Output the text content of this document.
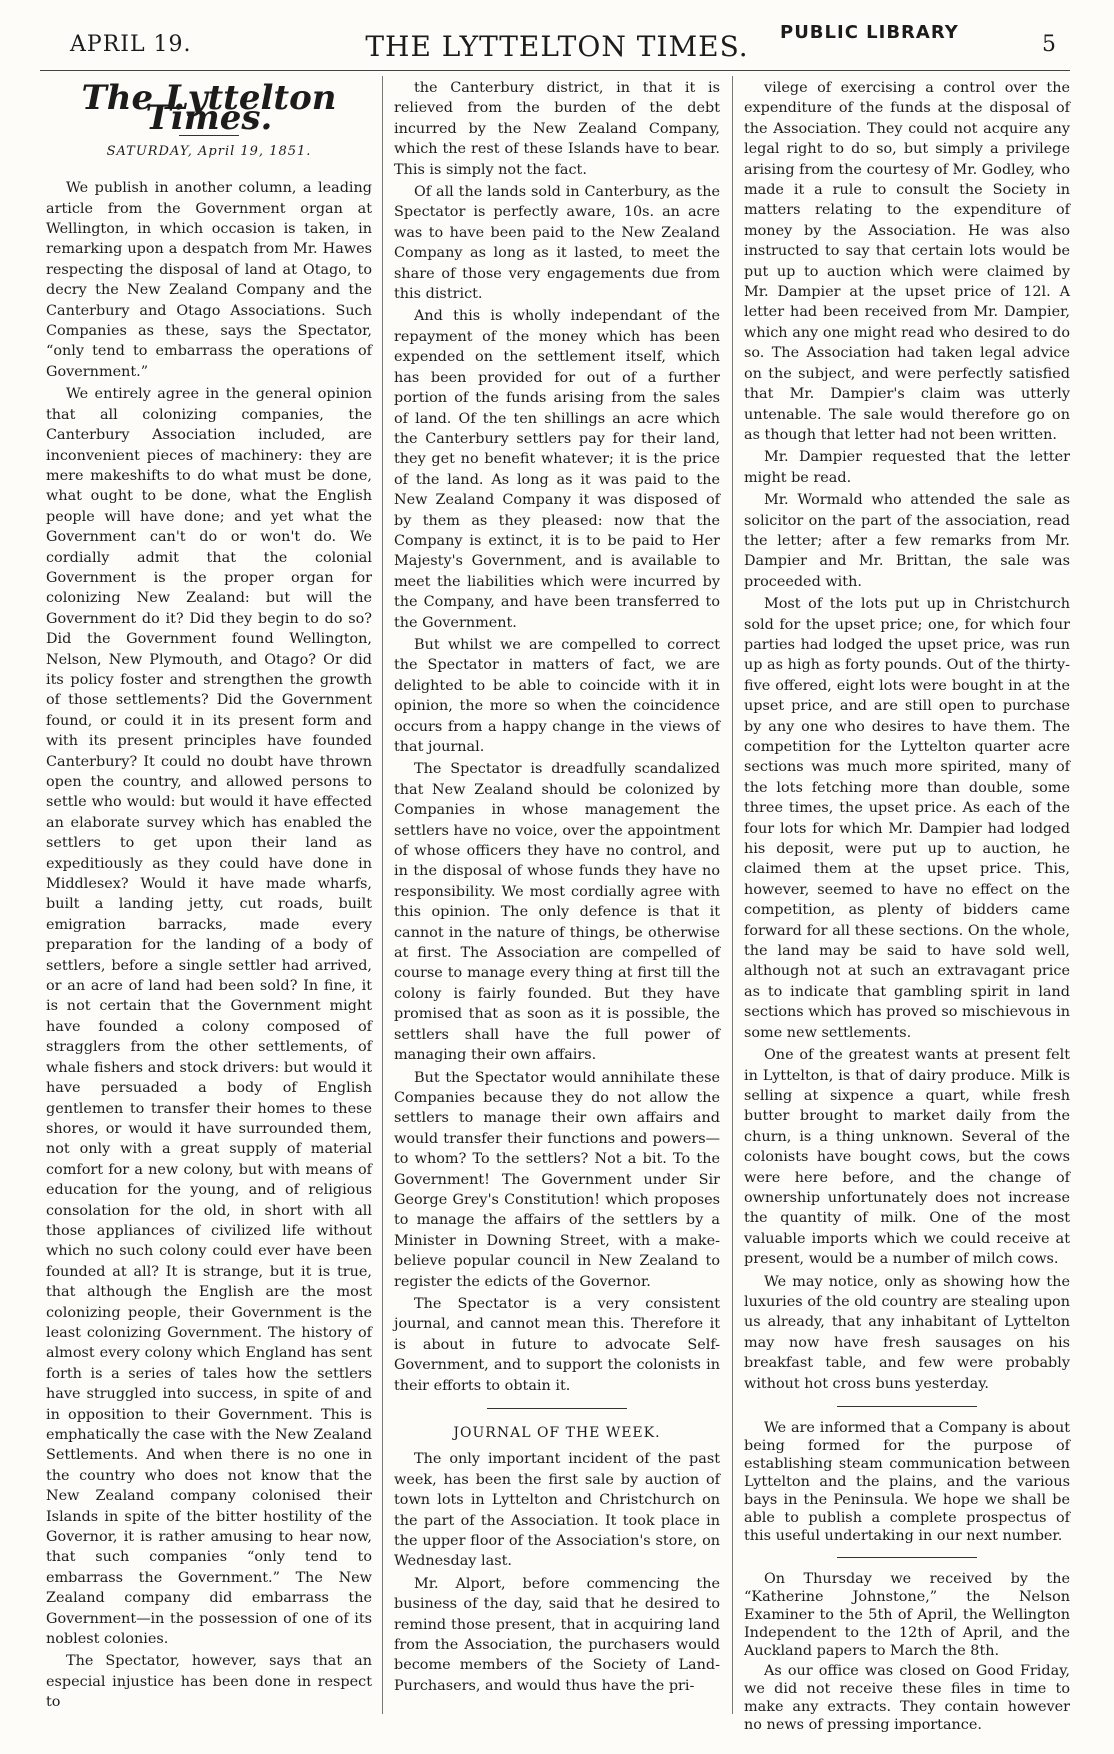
APRIL 19.	THE LYTTELTON TIMES.	PUBLIC LIBRARY	5
The Lyttelton Times.
SATURDAY, April 19, 1851.

We publish in another column, a leading article from the Government organ at Wellington, in which occasion is taken, in remarking upon a despatch from Mr. Hawes respecting the disposal of land at Otago, to decry the New Zealand Company and the Canterbury and Otago Associations. Such Companies as these, says the Spectator, “only tend to embarrass the operations of Government.”

We entirely agree in the general opinion that all colonizing companies, the Canterbury Association included, are inconvenient pieces of machinery: they are mere makeshifts to do what must be done, what ought to be done, what the English people will have done; and yet what the Government can't do or won't do. We cordially admit that the colonial Government is the proper organ for colonizing New Zealand: but will the Government do it? Did they begin to do so? Did the Government found Wellington, Nelson, New Plymouth, and Otago? Or did its policy foster and strengthen the growth of those settlements? Did the Government found, or could it in its present form and with its present principles have founded Canterbury? It could no doubt have thrown open the country, and allowed persons to settle who would: but would it have effected an elaborate survey which has enabled the settlers to get upon their land as expeditiously as they could have done in Middlesex? Would it have made wharfs, built a landing jetty, cut roads, built emigration barracks, made every preparation for the landing of a body of settlers, before a single settler had arrived, or an acre of land had been sold? In fine, it is not certain that the Government might have founded a colony composed of stragglers from the other settlements, of whale fishers and stock drivers: but would it have persuaded a body of English gentlemen to transfer their homes to these shores, or would it have surrounded them, not only with a great supply of material comfort for a new colony, but with means of education for the young, and of religious consolation for the old, in short with all those appliances of civilized life without which no such colony could ever have been founded at all? It is strange, but it is true, that although the English are the most colonizing people, their Government is the least colonizing Government. The history of almost every colony which England has sent forth is a series of tales how the settlers have struggled into success, in spite of and in opposition to their Government. This is emphatically the case with the New Zealand Settlements. And when there is no one in the country who does not know that the New Zealand company colonised their Islands in spite of the bitter hostility of the Governor, it is rather amusing to hear now, that such companies “only tend to embarrass the Government.” The New Zealand company did embarrass the Government—in the possession of one of its noblest colonies.

The Spectator, however, says that an especial injustice has been done in respect to

the Canterbury district, in that it is relieved from the burden of the debt incurred by the New Zealand Company, which the rest of these Islands have to bear. This is simply not the fact.

Of all the lands sold in Canterbury, as the Spectator is perfectly aware, 10s. an acre was to have been paid to the New Zealand Company as long as it lasted, to meet the share of those very engagements due from this district.

And this is wholly independant of the repayment of the money which has been expended on the settlement itself, which has been provided for out of a further portion of the funds arising from the sales of land. Of the ten shillings an acre which the Canterbury settlers pay for their land, they get no benefit whatever; it is the price of the land. As long as it was paid to the New Zealand Company it was disposed of by them as they pleased: now that the Company is extinct, it is to be paid to Her Majesty's Government, and is available to meet the liabilities which were incurred by the Company, and have been transferred to the Government.

But whilst we are compelled to correct the Spectator in matters of fact, we are delighted to be able to coincide with it in opinion, the more so when the coincidence occurs from a happy change in the views of that journal.

The Spectator is dreadfully scandalized that New Zealand should be colonized by Companies in whose management the settlers have no voice, over the appointment of whose officers they have no control, and in the disposal of whose funds they have no responsibility. We most cordially agree with this opinion. The only defence is that it cannot in the nature of things, be otherwise at first. The Association are compelled of course to manage every thing at first till the colony is fairly founded. But they have promised that as soon as it is possible, the settlers shall have the full power of managing their own affairs.

But the Spectator would annihilate these Companies because they do not allow the settlers to manage their own affairs and would transfer their functions and powers—to whom? To the settlers? Not a bit. To the Government! The Government under Sir George Grey's Constitution! which proposes to manage the affairs of the settlers by a Minister in Downing Street, with a make-believe popular council in New Zealand to register the edicts of the Governor.

The Spectator is a very consistent journal, and cannot mean this. Therefore it is about in future to advocate Self-Government, and to support the colonists in their efforts to obtain it.

JOURNAL OF THE WEEK.

The only important incident of the past week, has been the first sale by auction of town lots in Lyttelton and Christchurch on the part of the Association. It took place in the upper floor of the Association's store, on Wednesday last.

Mr. Alport, before commencing the business of the day, said that he desired to remind those present, that in acquiring land from the Association, the purchasers would become members of the Society of Land-Purchasers, and would thus have the pri-

vilege of exercising a control over the expenditure of the funds at the disposal of the Association. They could not acquire any legal right to do so, but simply a privilege arising from the courtesy of Mr. Godley, who made it a rule to consult the Society in matters relating to the expenditure of money by the Association. He was also instructed to say that certain lots would be put up to auction which were claimed by Mr. Dampier at the upset price of 12l. A letter had been received from Mr. Dampier, which any one might read who desired to do so. The Association had taken legal advice on the subject, and were perfectly satisfied that Mr. Dampier's claim was utterly untenable. The sale would therefore go on as though that letter had not been written.

Mr. Dampier requested that the letter might be read.

Mr. Wormald who attended the sale as solicitor on the part of the association, read the letter; after a few remarks from Mr. Dampier and Mr. Brittan, the sale was proceeded with.

Most of the lots put up in Christchurch sold for the upset price; one, for which four parties had lodged the upset price, was run up as high as forty pounds. Out of the thirty-five offered, eight lots were bought in at the upset price, and are still open to purchase by any one who desires to have them. The competition for the Lyttelton quarter acre sections was much more spirited, many of the lots fetching more than double, some three times, the upset price. As each of the four lots for which Mr. Dampier had lodged his deposit, were put up to auction, he claimed them at the upset price. This, however, seemed to have no effect on the competition, as plenty of bidders came forward for all these sections. On the whole, the land may be said to have sold well, although not at such an extravagant price as to indicate that gambling spirit in land sections which has proved so mischievous in some new settlements.

One of the greatest wants at present felt in Lyttelton, is that of dairy produce. Milk is selling at sixpence a quart, while fresh butter brought to market daily from the churn, is a thing unknown. Several of the colonists have bought cows, but the cows were here before, and the change of ownership unfortunately does not increase the quantity of milk. One of the most valuable imports which we could receive at present, would be a number of milch cows.

We may notice, only as showing how the luxuries of the old country are stealing upon us already, that any inhabitant of Lyttelton may now have fresh sausages on his breakfast table, and few were probably without hot cross buns yesterday.

We are informed that a Company is about being formed for the purpose of establishing steam communication between Lyttelton and the plains, and the various bays in the Peninsula. We hope we shall be able to publish a complete prospectus of this useful undertaking in our next number.

On Thursday we received by the “Katherine Johnstone,” the Nelson Examiner to the 5th of April, the Wellington Independent to the 12th of April, and the Auckland papers to March the 8th.

As our office was closed on Good Friday, we did not receive these files in time to make any extracts. They contain however no news of pressing importance.
